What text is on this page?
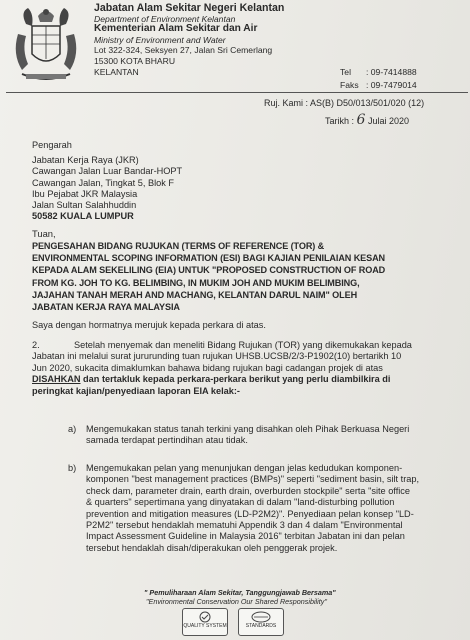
Jabatan Alam Sekitar Negeri Kelantan
Department of Environment Kelantan
Kementerian Alam Sekitar dan Air
Ministry of Environment and Water
Lot 322-324, Seksyen 27, Jalan Sri Cemerlang
15300 KOTA BHARU
KELANTAN	Tel : 09-7414888
Faks : 09-7479014
Ruj. Kami : AS(B) D50/013/501/020 (12)
Tarikh : 6 Julai 2020
Pengarah
Jabatan Kerja Raya (JKR)
Cawangan Jalan Luar Bandar-HOPT
Cawangan Jalan, Tingkat 5, Blok F
Ibu Pejabat JKR Malaysia
Jalan Sultan Salahhuddin
50582 KUALA LUMPUR
Tuan,
PENGESAHAN BIDANG RUJUKAN (TERMS OF REFERENCE (TOR) &
ENVIRONMENTAL SCOPING INFORMATION (ESI) BAGI KAJIAN PENILAIAN KESAN
KEPADA ALAM SEKELILING (EIA) UNTUK "PROPOSED CONSTRUCTION OF ROAD
FROM KG. JOH TO KG. BELIMBING, IN MUKIM JOH AND MUKIM BELIMBING,
JAJAHAN TANAH MERAH AND MACHANG, KELANTAN DARUL NAIM" OLEH
JABATAN KERJA RAYA MALAYSIA
Saya dengan hormatnya merujuk kepada perkara di atas.
2.	Setelah menyemak dan meneliti Bidang Rujukan (TOR) yang dikemukakan kepada
Jabatan ini melalui surat jururunding tuan rujukan UHSB.UCSB/2/3-P1902(10) bertarikh 10
Jun 2020, sukacita dimaklumkan bahawa bidang rujukan bagi cadangan projek di atas
DISAHKAN dan tertakluk kepada perkara-perkara berikut yang perlu diambilkira di
peringkat kajian/penyediaan laporan EIA kelak:-
a) Mengemukakan status tanah terkini yang disahkan oleh Pihak Berkuasa Negeri
samada terdapat pertindihan atau tidak.
b) Mengemukakan pelan yang menunjukan dengan jelas kedudukan komponen-
komponen "best management practices (BMPs)" seperti "sediment basin, silt trap,
check dam, parameter drain, earth drain, overburden stockpile" serta "site office
& quarters" sepertimana yang dinyatakan di dalam "land-disturbing pollution
prevention and mitigation measures (LD-P2M2)". Penyediaan pelan konsep "LD-
P2M2" tersebut hendaklah mematuhi Appendik 3 dan 4 dalam "Environmental
Impact Assessment Guideline in Malaysia 2016" terbitan Jabatan ini dan pelan
tersebut hendaklah disah/diperakukan oleh penggerak projek.
" Pemuliharaan Alam Sekitar, Tanggungjawab Bersama"
"Environmental Conservation Our Shared Responsibility"
QUALITY SYSTEM	STANDARDS
